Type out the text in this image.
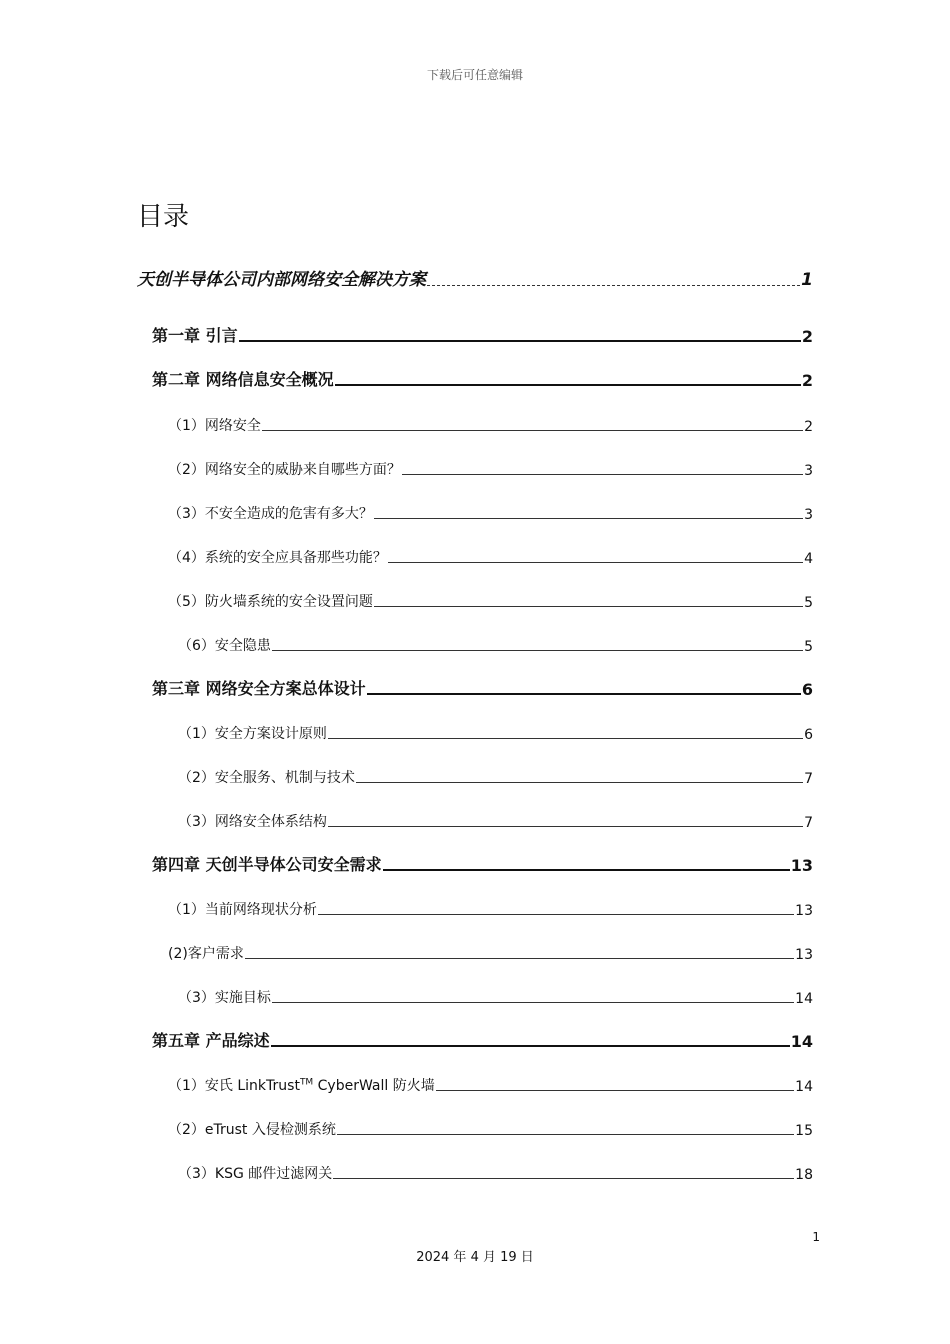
下载后可任意编辑
目录
天创半导体公司内部网络安全解决方案	1
第一章 引言	2
第二章 网络信息安全概况	2
（1）网络安全	2
（2）网络安全的威胁来自哪些方面？	3
（3）不安全造成的危害有多大？	3
（4）系统的安全应具备那些功能？	4
（5）防火墙系统的安全设置问题	5
（6）安全隐患	5
第三章 网络安全方案总体设计	6
（1）安全方案设计原则	6
（2）安全服务、机制与技术	7
（3）网络安全体系结构	7
第四章 天创半导体公司安全需求	13
（1）当前网络现状分析	13
(2)客户需求	13
（3）实施目标	14
第五章 产品综述	14
（1）安氏 LinkTrust™ CyberWall 防火墙	14
（2）eTrust 入侵检测系统	15
（3）KSG 邮件过滤网关	18
1
2024 年 4 月 19 日
